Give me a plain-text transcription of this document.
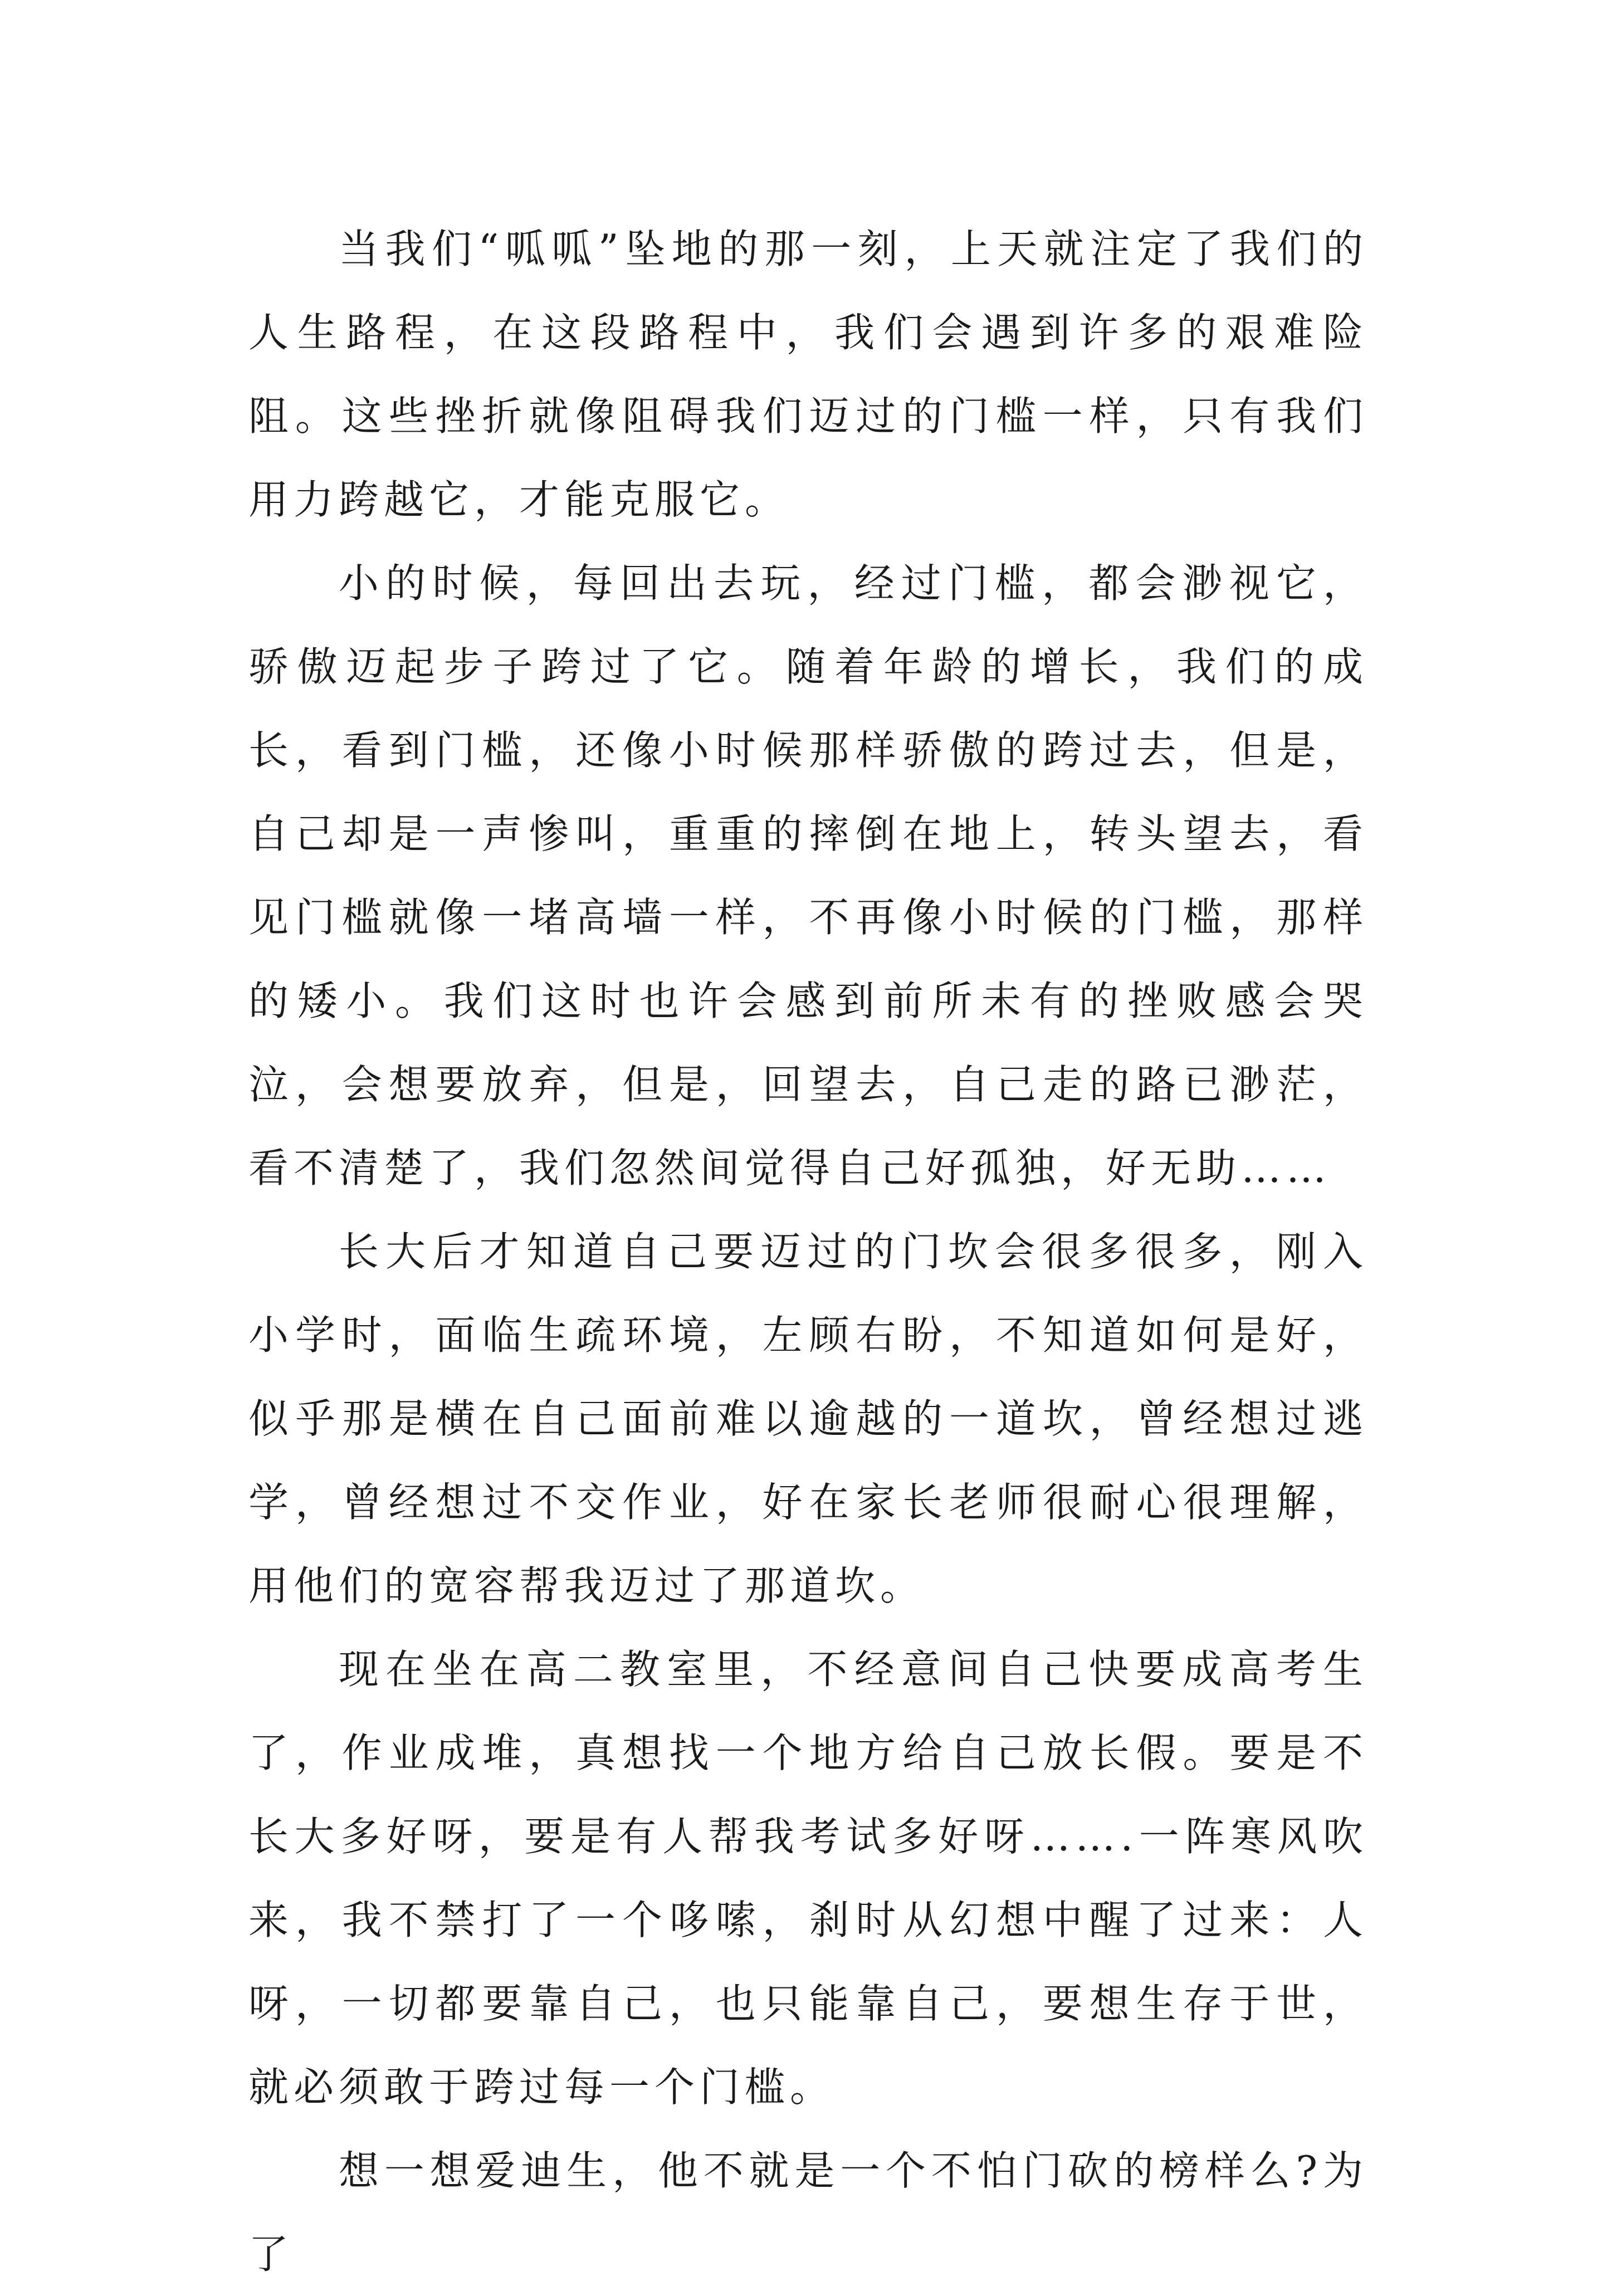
当我们“呱呱”坠地的那一刻，上天就注定了我们的人生路程，在这段路程中，我们会遇到许多的艰难险阻。这些挫折就像阻碍我们迈过的门槛一样，只有我们用力跨越它，才能克服它。

小的时候，每回出去玩，经过门槛，都会渺视它，骄傲迈起步子跨过了它。随着年龄的增长，我们的成长，看到门槛，还像小时候那样骄傲的跨过去，但是，自己却是一声惨叫，重重的摔倒在地上，转头望去，看见门槛就像一堵高墙一样，不再像小时候的门槛，那样的矮小。我们这时也许会感到前所未有的挫败感会哭泣，会想要放弃，但是，回望去，自己走的路已渺茫，看不清楚了，我们忽然间觉得自己好孤独，好无助……

长大后才知道自己要迈过的门坎会很多很多，刚入小学时，面临生疏环境，左顾右盼，不知道如何是好，似乎那是横在自己面前难以逾越的一道坎，曾经想过逃学，曾经想过不交作业，好在家长老师很耐心很理解，用他们的宽容帮我迈过了那道坎。

现在坐在高二教室里，不经意间自己快要成高考生了，作业成堆，真想找一个地方给自己放长假。要是不长大多好呀，要是有人帮我考试多好呀…….一阵寒风吹来，我不禁打了一个哆嗦，刹时从幻想中醒了过来：人呀，一切都要靠自己，也只能靠自己，要想生存于世，就必须敢于跨过每一个门槛。

想一想爱迪生，他不就是一个不怕门砍的榜样么?为了
